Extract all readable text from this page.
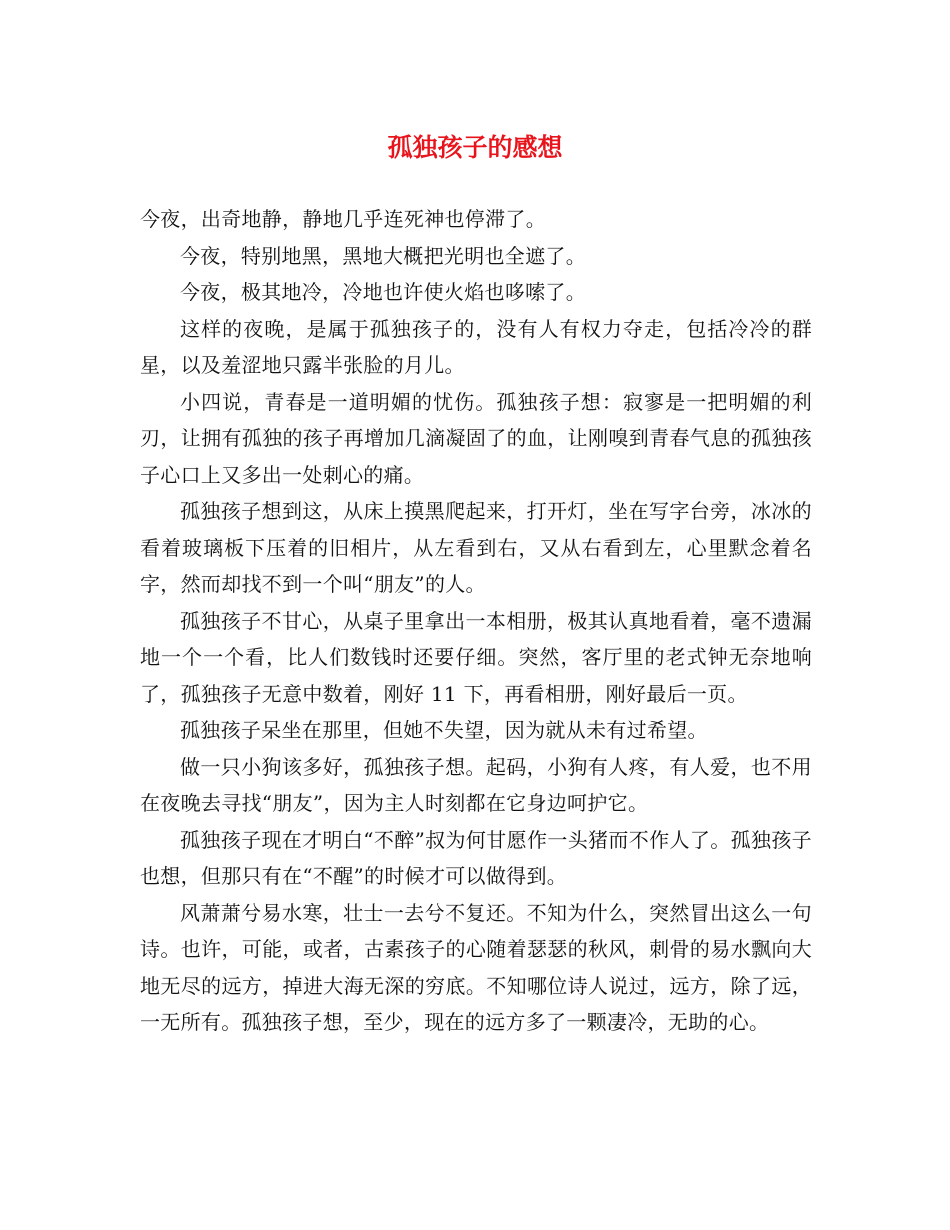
孤独孩子的感想

今夜，出奇地静，静地几乎连死神也停滞了。

今夜，特别地黑，黑地大概把光明也全遮了。

今夜，极其地冷，冷地也许使火焰也哆嗦了。

这样的夜晚，是属于孤独孩子的，没有人有权力夺走，包括冷冷的群星，以及羞涩地只露半张脸的月儿。

小四说，青春是一道明媚的忧伤。孤独孩子想：寂寥是一把明媚的利刃，让拥有孤独的孩子再增加几滴凝固了的血，让刚嗅到青春气息的孤独孩子心口上又多出一处刺心的痛。

孤独孩子想到这，从床上摸黑爬起来，打开灯，坐在写字台旁，冰冰的看着玻璃板下压着的旧相片，从左看到右，又从右看到左，心里默念着名字，然而却找不到一个叫“朋友”的人。

孤独孩子不甘心，从桌子里拿出一本相册，极其认真地看着，毫不遗漏地一个一个看，比人们数钱时还要仔细。突然，客厅里的老式钟无奈地响了，孤独孩子无意中数着，刚好 11 下，再看相册，刚好最后一页。

孤独孩子呆坐在那里，但她不失望，因为就从未有过希望。

做一只小狗该多好，孤独孩子想。起码，小狗有人疼，有人爱，也不用在夜晚去寻找“朋友”，因为主人时刻都在它身边呵护它。

孤独孩子现在才明白“不醉”叔为何甘愿作一头猪而不作人了。孤独孩子也想，但那只有在“不醒”的时候才可以做得到。

风萧萧兮易水寒，壮士一去兮不复还。不知为什么，突然冒出这么一句诗。也许，可能，或者，古素孩子的心随着瑟瑟的秋风，刺骨的易水飘向大地无尽的远方，掉进大海无深的穷底。不知哪位诗人说过，远方，除了远，一无所有。孤独孩子想，至少，现在的远方多了一颗凄冷，无助的心。
